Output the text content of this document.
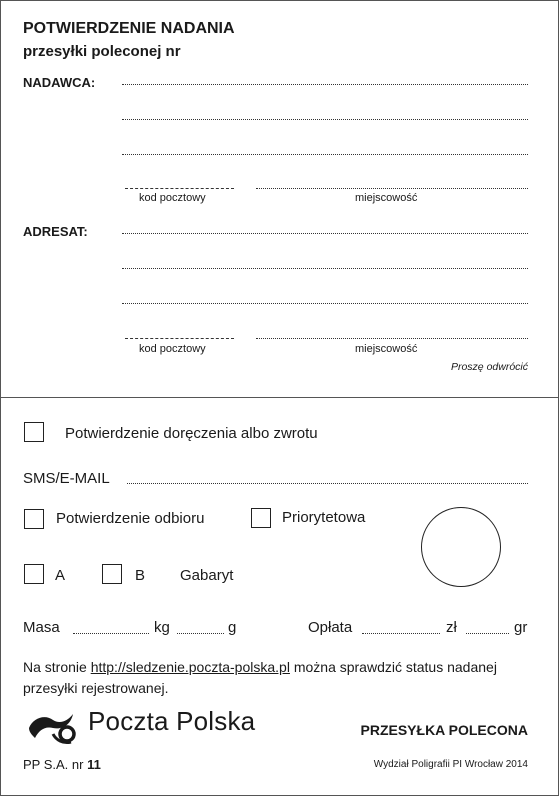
POTWIERDZENIE NADANIA
przesyłki poleconej nr
NADAWCA:
kod pocztowy	miejscowość
ADRESAT:
kod pocztowy	miejscowość
Proszę odwrócić
Potwierdzenie doręczenia albo zwrotu
SMS/E-MAIL
Potwierdzenie odbioru	Priorytetowa
A	B Gabaryt
Masa	kg	g	Opłata	zł	gr
Na stronie http://sledzenie.poczta-polska.pl można sprawdzić status nadanej
przesyłki rejestrowanej.
Poczta Polska	PRZESYŁKA POLECONA
PP S.A. nr 11	Wydział Poligrafii PI Wrocław 2014
